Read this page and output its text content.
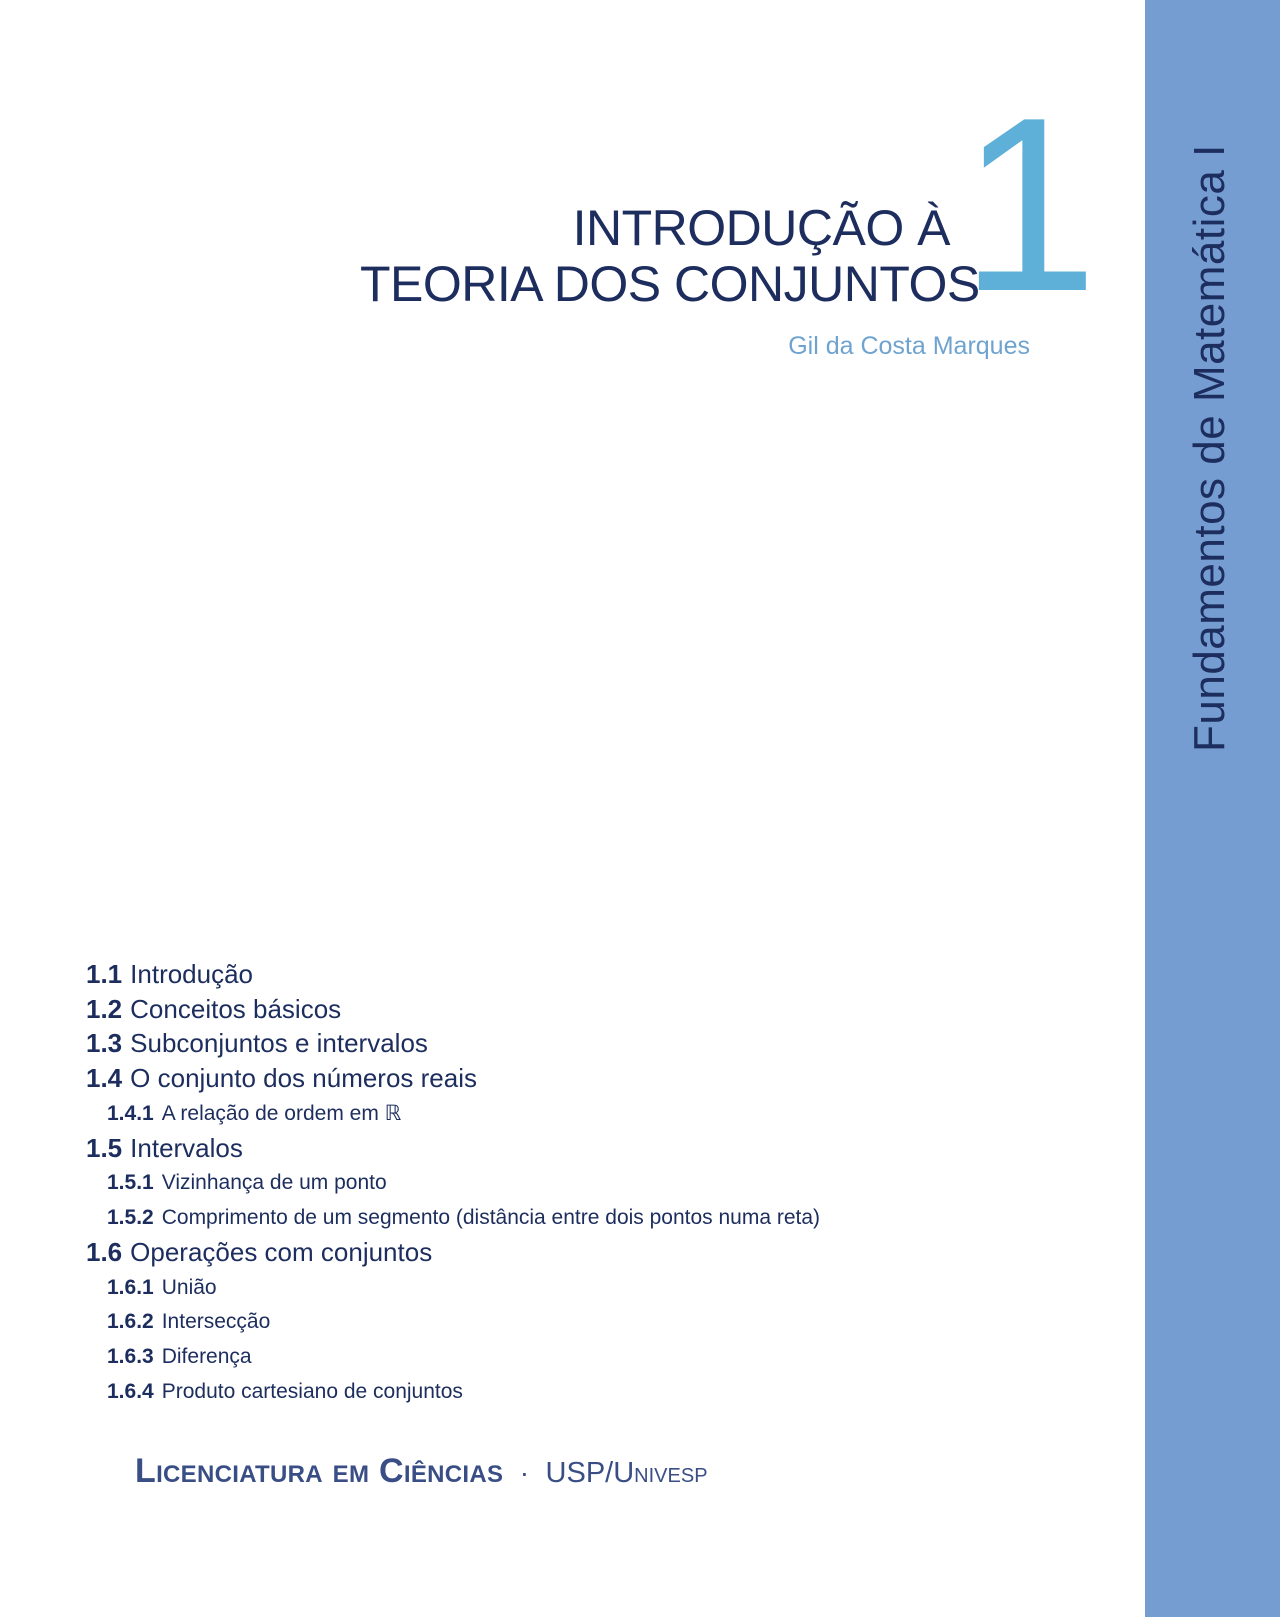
Fundamentos de Matemática I
1
INTRODUÇÃO À
TEORIA DOS CONJUNTOS
Gil da Costa Marques
1.1 Introdução
1.2 Conceitos básicos
1.3 Subconjuntos e intervalos
1.4 O conjunto dos números reais
1.4.1 A relação de ordem em ℝ
1.5 Intervalos
1.5.1 Vizinhança de um ponto
1.5.2 Comprimento de um segmento (distância entre dois pontos numa reta)
1.6 Operações com conjuntos
1.6.1 União
1.6.2 Intersecção
1.6.3 Diferença
1.6.4 Produto cartesiano de conjuntos
Licenciatura em Ciências · USP/Univesp
